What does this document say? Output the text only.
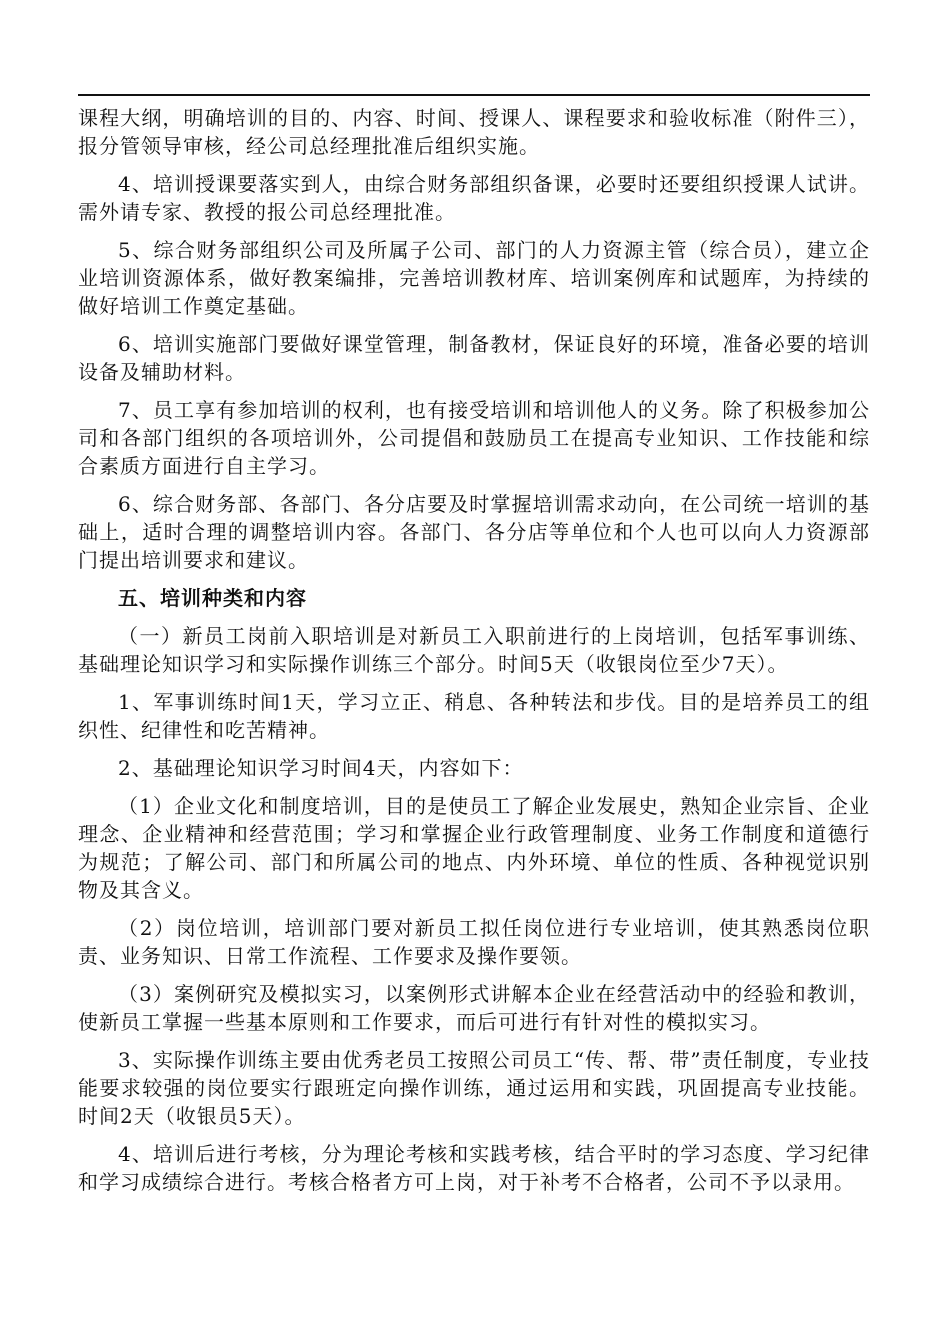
课程大纲，明确培训的目的、内容、时间、授课人、课程要求和验收标准（附件三），报分管领导审核，经公司总经理批准后组织实施。

4、培训授课要落实到人，由综合财务部组织备课，必要时还要组织授课人试讲。需外请专家、教授的报公司总经理批准。

5、综合财务部组织公司及所属子公司、部门的人力资源主管（综合员），建立企业培训资源体系，做好教案编排，完善培训教材库、培训案例库和试题库，为持续的做好培训工作奠定基础。

6、培训实施部门要做好课堂管理，制备教材，保证良好的环境，准备必要的培训设备及辅助材料。

7、员工享有参加培训的权利，也有接受培训和培训他人的义务。除了积极参加公司和各部门组织的各项培训外，公司提倡和鼓励员工在提高专业知识、工作技能和综合素质方面进行自主学习。

6、综合财务部、各部门、各分店要及时掌握培训需求动向，在公司统一培训的基础上，适时合理的调整培训内容。各部门、各分店等单位和个人也可以向人力资源部门提出培训要求和建议。

五、培训种类和内容

（一）新员工岗前入职培训是对新员工入职前进行的上岗培训，包括军事训练、基础理论知识学习和实际操作训练三个部分。时间5天（收银岗位至少7天）。

1、军事训练时间1天，学习立正、稍息、各种转法和步伐。目的是培养员工的组织性、纪律性和吃苦精神。

2、基础理论知识学习时间4天，内容如下：

（1）企业文化和制度培训，目的是使员工了解企业发展史，熟知企业宗旨、企业理念、企业精神和经营范围；学习和掌握企业行政管理制度、业务工作制度和道德行为规范；了解公司、部门和所属公司的地点、内外环境、单位的性质、各种视觉识别物及其含义。

（2）岗位培训，培训部门要对新员工拟任岗位进行专业培训，使其熟悉岗位职责、业务知识、日常工作流程、工作要求及操作要领。

（3）案例研究及模拟实习，以案例形式讲解本企业在经营活动中的经验和教训，使新员工掌握一些基本原则和工作要求，而后可进行有针对性的模拟实习。

3、实际操作训练主要由优秀老员工按照公司员工“传、帮、带”责任制度，专业技能要求较强的岗位要实行跟班定向操作训练，通过运用和实践，巩固提高专业技能。时间2天（收银员5天）。

4、培训后进行考核，分为理论考核和实践考核，结合平时的学习态度、学习纪律和学习成绩综合进行。考核合格者方可上岗，对于补考不合格者，公司不予以录用。
